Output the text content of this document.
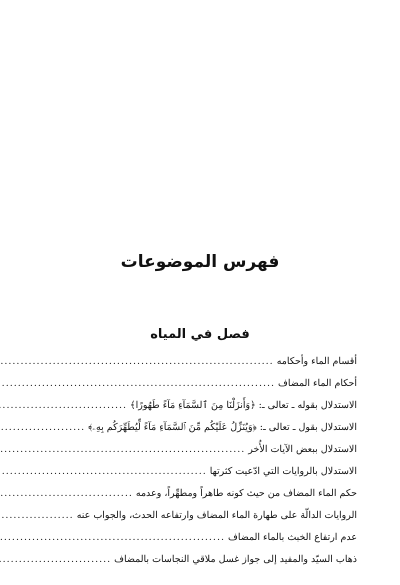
فهرس الموضوعات
فصل في المياه
أقسام الماء وأحكامه
.....
أحكام الماء المضاف
.....
الاستدلال بقوله ـ تعالى ـ: ﴿وَأَنزَلْنَا مِنَ ٱلسَّمَآءِ مَآءً طَهُورًا﴾
.....
الاستدلال بقول ـ تعالى ـ: ﴿وَيُنَزِّلُ عَلَيْكُم مِّنَ ٱلسَّمَآءِ مَآءً لِّيُطَهِّرَكُم بِهِۦ﴾
.....
الاستدلال ببعض الآيات الأُخر
.....
الاستدلال بالروايات التي ادّعيت كثرتها
.....
حكم الماء المضاف من حيث كونه طاهراً ومطهِّراً، وعدمه
.....
الروايات الدالّة على طهارة الماء المضاف وارتفاعه الحدث، والجواب عنه
.....
عدم ارتفاع الخبث بالماء المضاف
.....
ذهاب السيّد والمفيد إلى جواز غسل ملاقي النجاسات بالمضاف
.....
